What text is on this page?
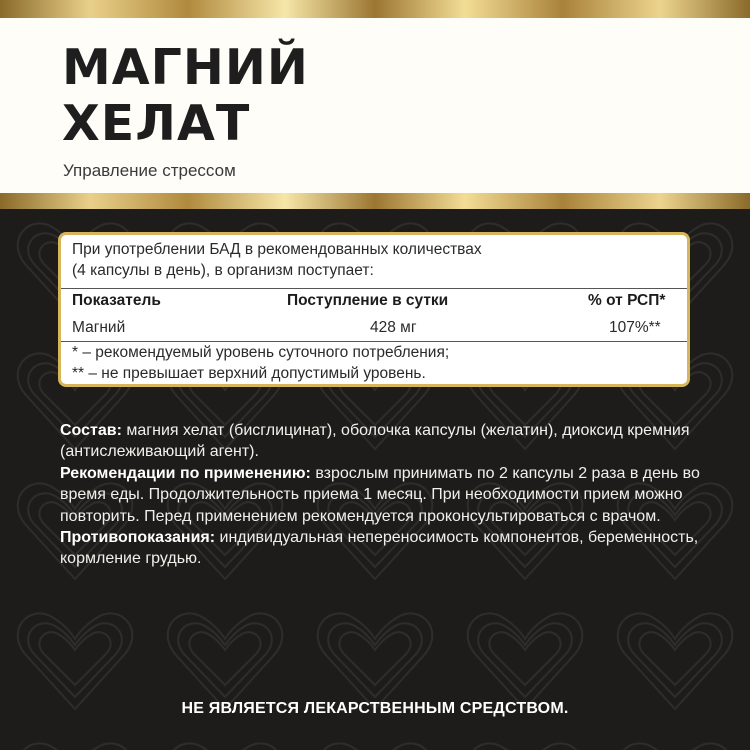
МАГНИЙ
ХЕЛАТ
Управление стрессом
При употреблении БАД в рекомендованных количествах
(4 капсулы в день), в организм поступает:
Показатель	Поступление в сутки	% от РСП*
Магний	428 мг	107%**
* – рекомендуемый уровень суточного потребления;
** – не превышает верхний допустимый уровень.
Состав: магния хелат (бисглицинат), оболочка капсулы (желатин), диоксид кремния (антислеживающий агент).
Рекомендации по применению: взрослым принимать по 2 капсулы 2 раза в день во время еды. Продолжительность приема 1 месяц. При необходимости прием можно повторить. Перед применением рекомендуется проконсультироваться с врачом.
Противопоказания: индивидуальная непереносимость компонентов, беременность, кормление грудью.
НЕ ЯВЛЯЕТСЯ ЛЕКАРСТВЕННЫМ СРЕДСТВОМ.
